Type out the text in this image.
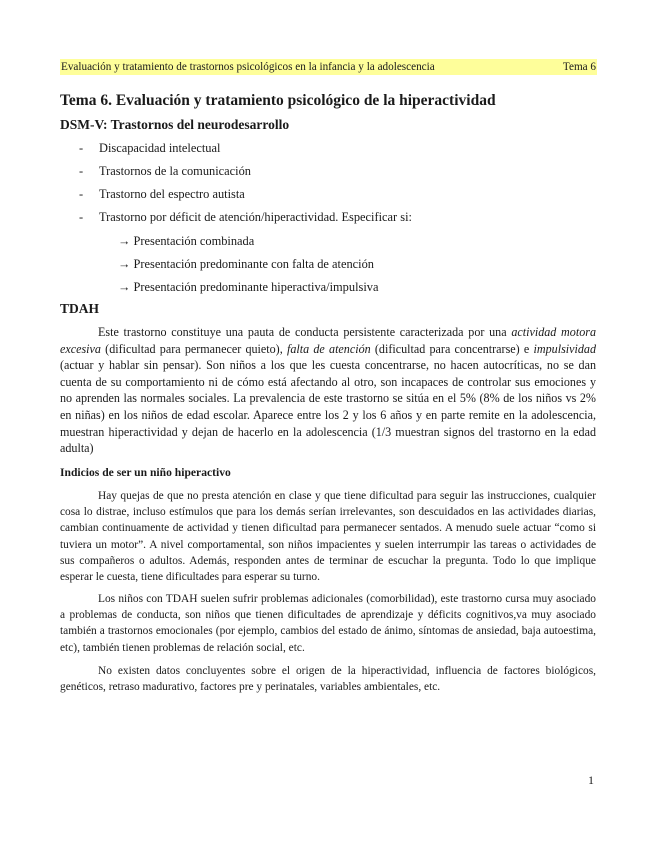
Evaluación y tratamiento de trastornos psicológicos en la infancia y la adolescencia	Tema 6
Tema 6. Evaluación y tratamiento psicológico de la hiperactividad
DSM-V: Trastornos del neurodesarrollo
- Discapacidad intelectual
- Trastornos de la comunicación
- Trastorno del espectro autista
- Trastorno por déficit de atención/hiperactividad. Especificar si:
→ Presentación combinada
→ Presentación predominante con falta de atención
→ Presentación predominante hiperactiva/impulsiva
TDAH

Este trastorno constituye una pauta de conducta persistente caracterizada por una actividad motora excesiva (dificultad para permanecer quieto), falta de atención (dificultad para concentrarse) e impulsividad (actuar y hablar sin pensar). Son niños a los que les cuesta concentrarse, no hacen autocríticas, no se dan cuenta de su comportamiento ni de cómo está afectando al otro, son incapaces de controlar sus emociones y no aprenden las normales sociales. La prevalencia de este trastorno se sitúa en el 5% (8% de los niños vs 2% en niñas) en los niños de edad escolar. Aparece entre los 2 y los 6 años y en parte remite en la adolescencia, muestran hiperactividad y dejan de hacerlo en la adolescencia (1/3 muestran signos del trastorno en la edad adulta)

Indicios de ser un niño hiperactivo

Hay quejas de que no presta atención en clase y que tiene dificultad para seguir las instrucciones, cualquier cosa lo distrae, incluso estímulos que para los demás serían irrelevantes, son descuidados en las actividades diarias, cambian continuamente de actividad y tienen dificultad para permanecer sentados. A menudo suele actuar “como si tuviera un motor”. A nivel comportamental, son niños impacientes y suelen interrumpir las tareas o actividades de sus compañeros o adultos. Además, responden antes de terminar de escuchar la pregunta. Todo lo que implique esperar le cuesta, tiene dificultades para esperar su turno.

Los niños con TDAH suelen sufrir problemas adicionales (comorbilidad), este trastorno cursa muy asociado a problemas de conducta, son niños que tienen dificultades de aprendizaje y déficits cognitivos,va muy asociado también a trastornos emocionales (por ejemplo, cambios del estado de ánimo, síntomas de ansiedad, baja autoestima, etc), también tienen problemas de relación social, etc.

No existen datos concluyentes sobre el origen de la hiperactividad, influencia de factores biológicos, genéticos, retraso madurativo, factores pre y perinatales, variables ambientales, etc.

1
